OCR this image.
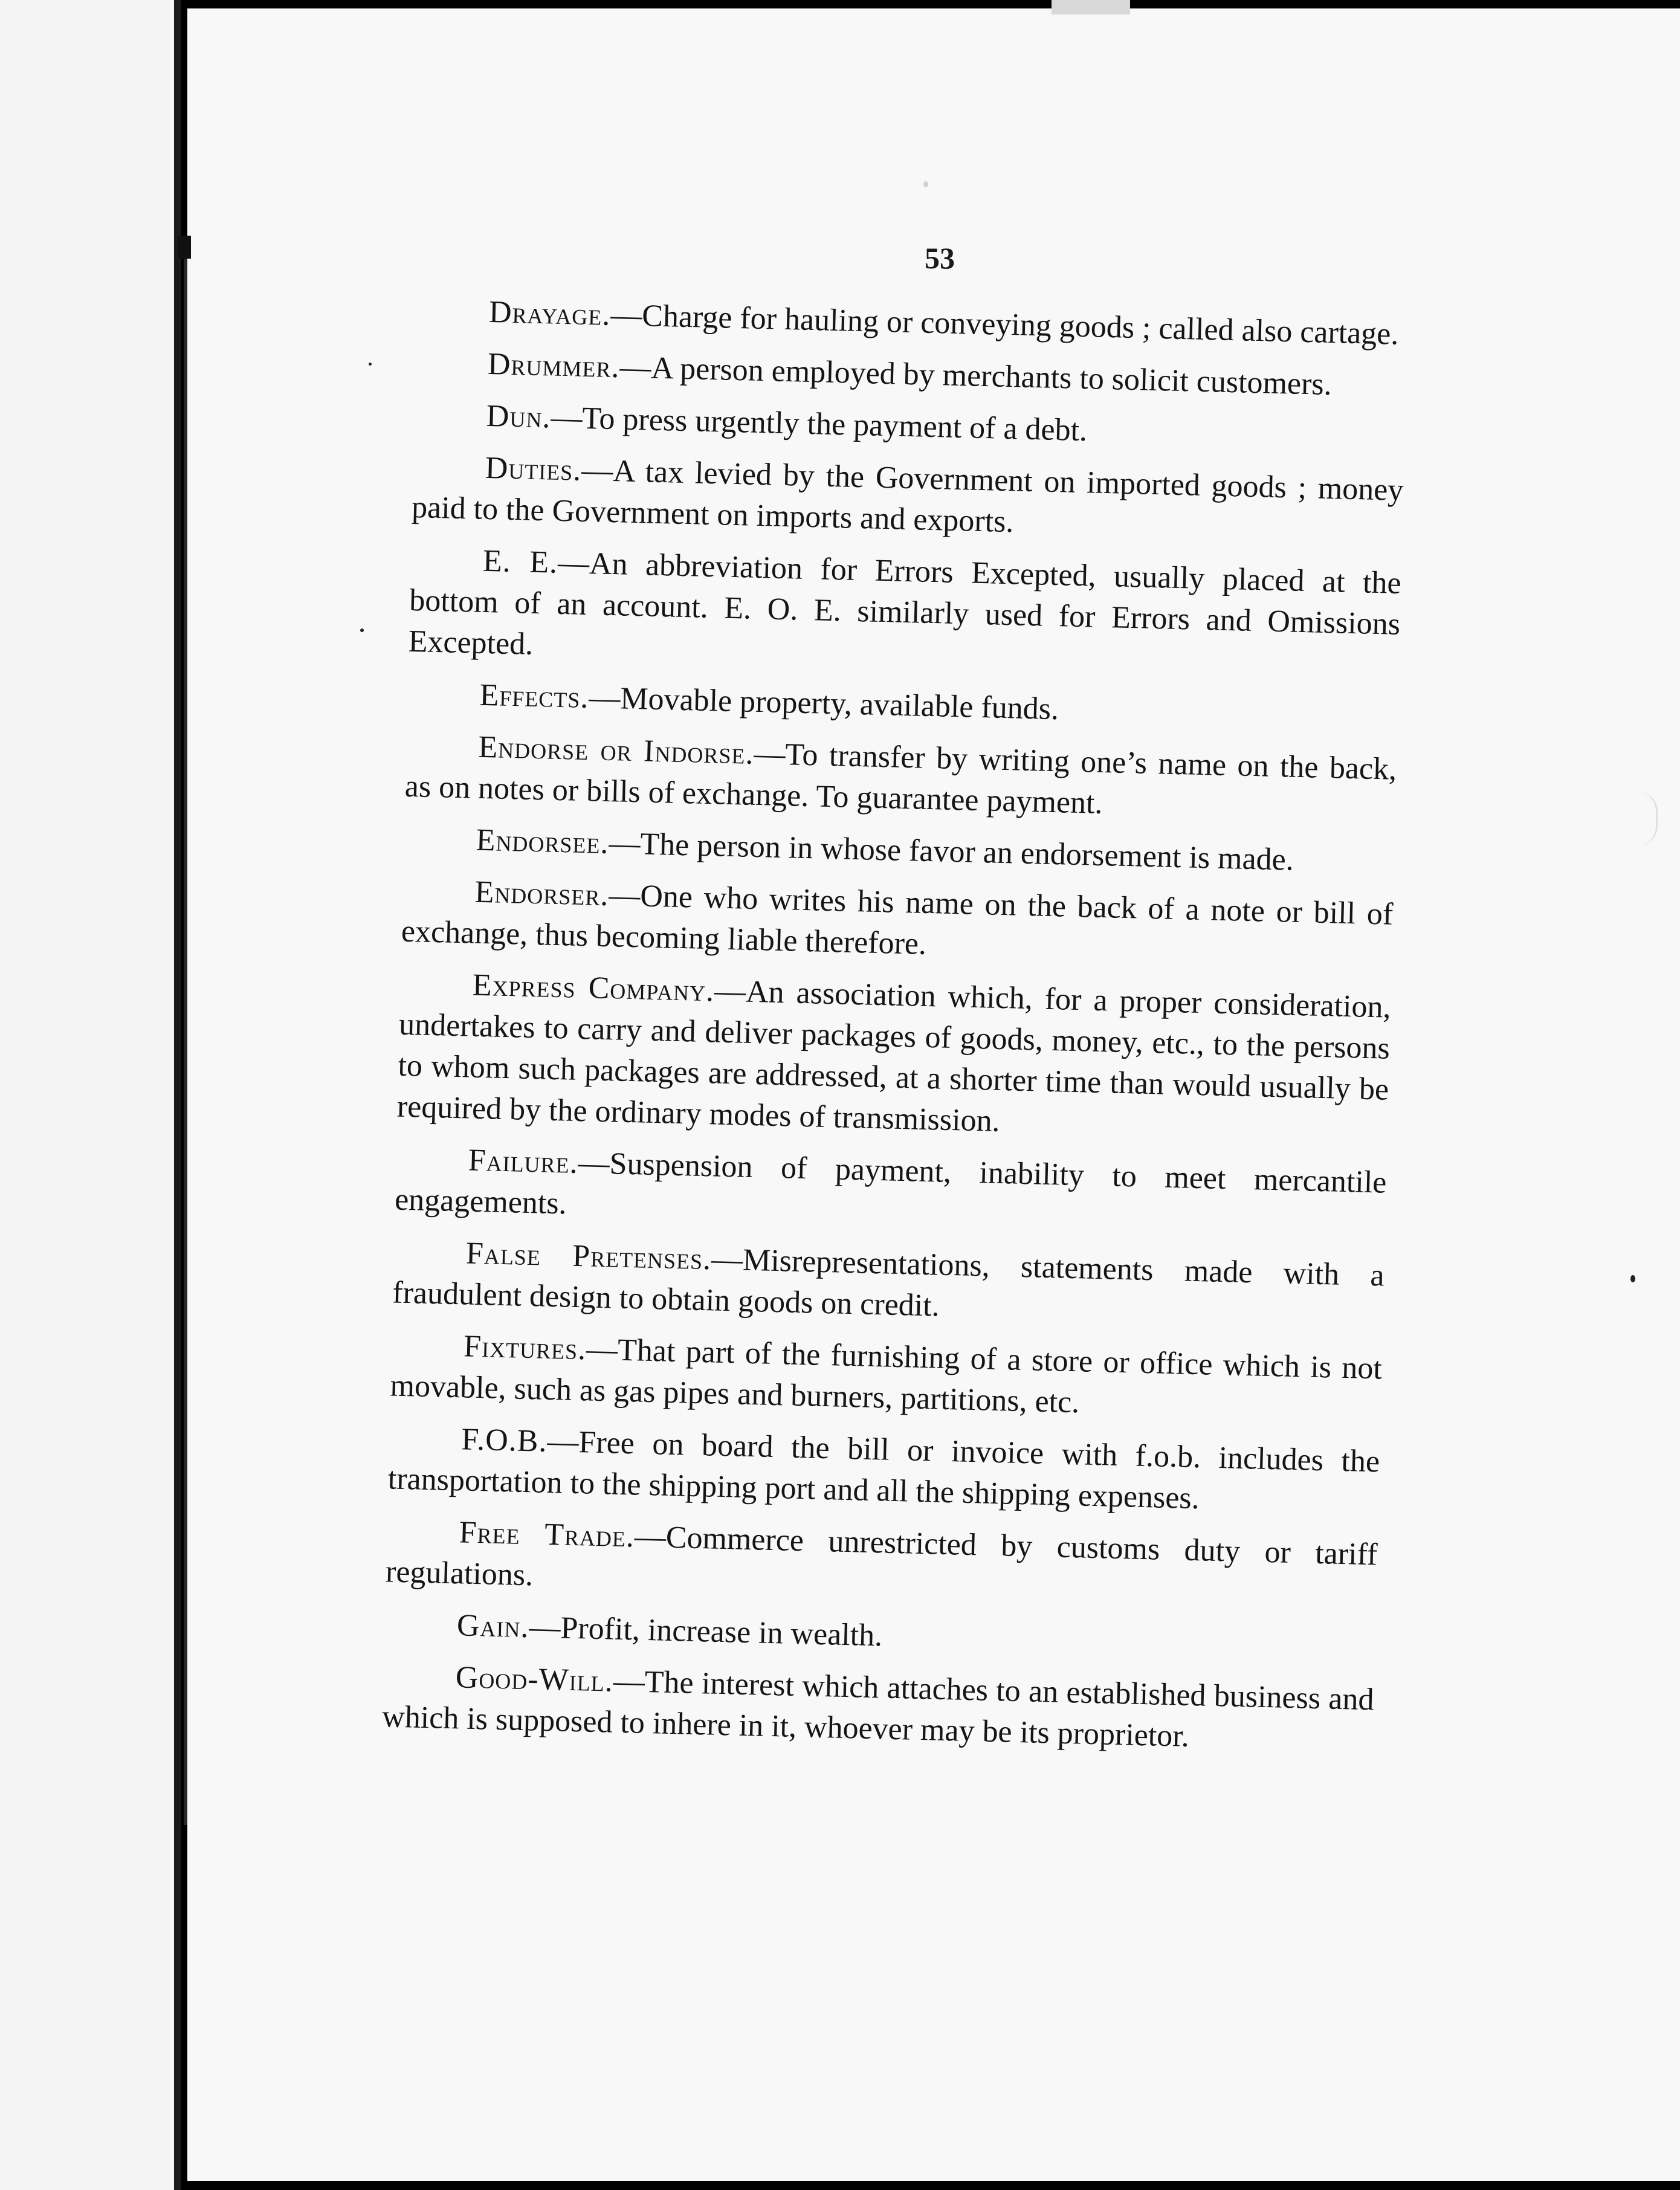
53

Drayage.—Charge for hauling or conveying goods ; called also cartage.

Drummer.—A person employed by merchants to solicit customers.

Dun.—To press urgently the payment of a debt.

Duties.—A tax levied by the Government on imported goods ; money paid to the Government on imports and exports.

E. E.—An abbreviation for Errors Excepted, usually placed at the bottom of an account. E. O. E. similarly used for Errors and Omissions Excepted.

Effects.—Movable property, available funds.

Endorse or Indorse.—To transfer by writing one’s name on the back, as on notes or bills of exchange. To guarantee payment.

Endorsee.—The person in whose favor an endorsement is made.

Endorser.—One who writes his name on the back of a note or bill of exchange, thus becoming liable therefore.

Express Company.—An association which, for a proper consideration, undertakes to carry and deliver packages of goods, money, etc., to the persons to whom such packages are addressed, at a shorter time than would usually be required by the ordinary modes of transmission.

Failure.—Suspension of payment, inability to meet mercantile engagements.

False Pretenses.—Misrepresentations, statements made with a fraudulent design to obtain goods on credit.

Fixtures.—That part of the furnishing of a store or office which is not movable, such as gas pipes and burners, partitions, etc.

F.O.B.—Free on board the bill or invoice with f.o.b. includes the transportation to the shipping port and all the shipping expenses.

Free Trade.—Commerce unrestricted by customs duty or tariff regulations.

Gain.—Profit, increase in wealth.

Good-Will.—The interest which attaches to an established business and which is supposed to inhere in it, whoever may be its proprietor.
